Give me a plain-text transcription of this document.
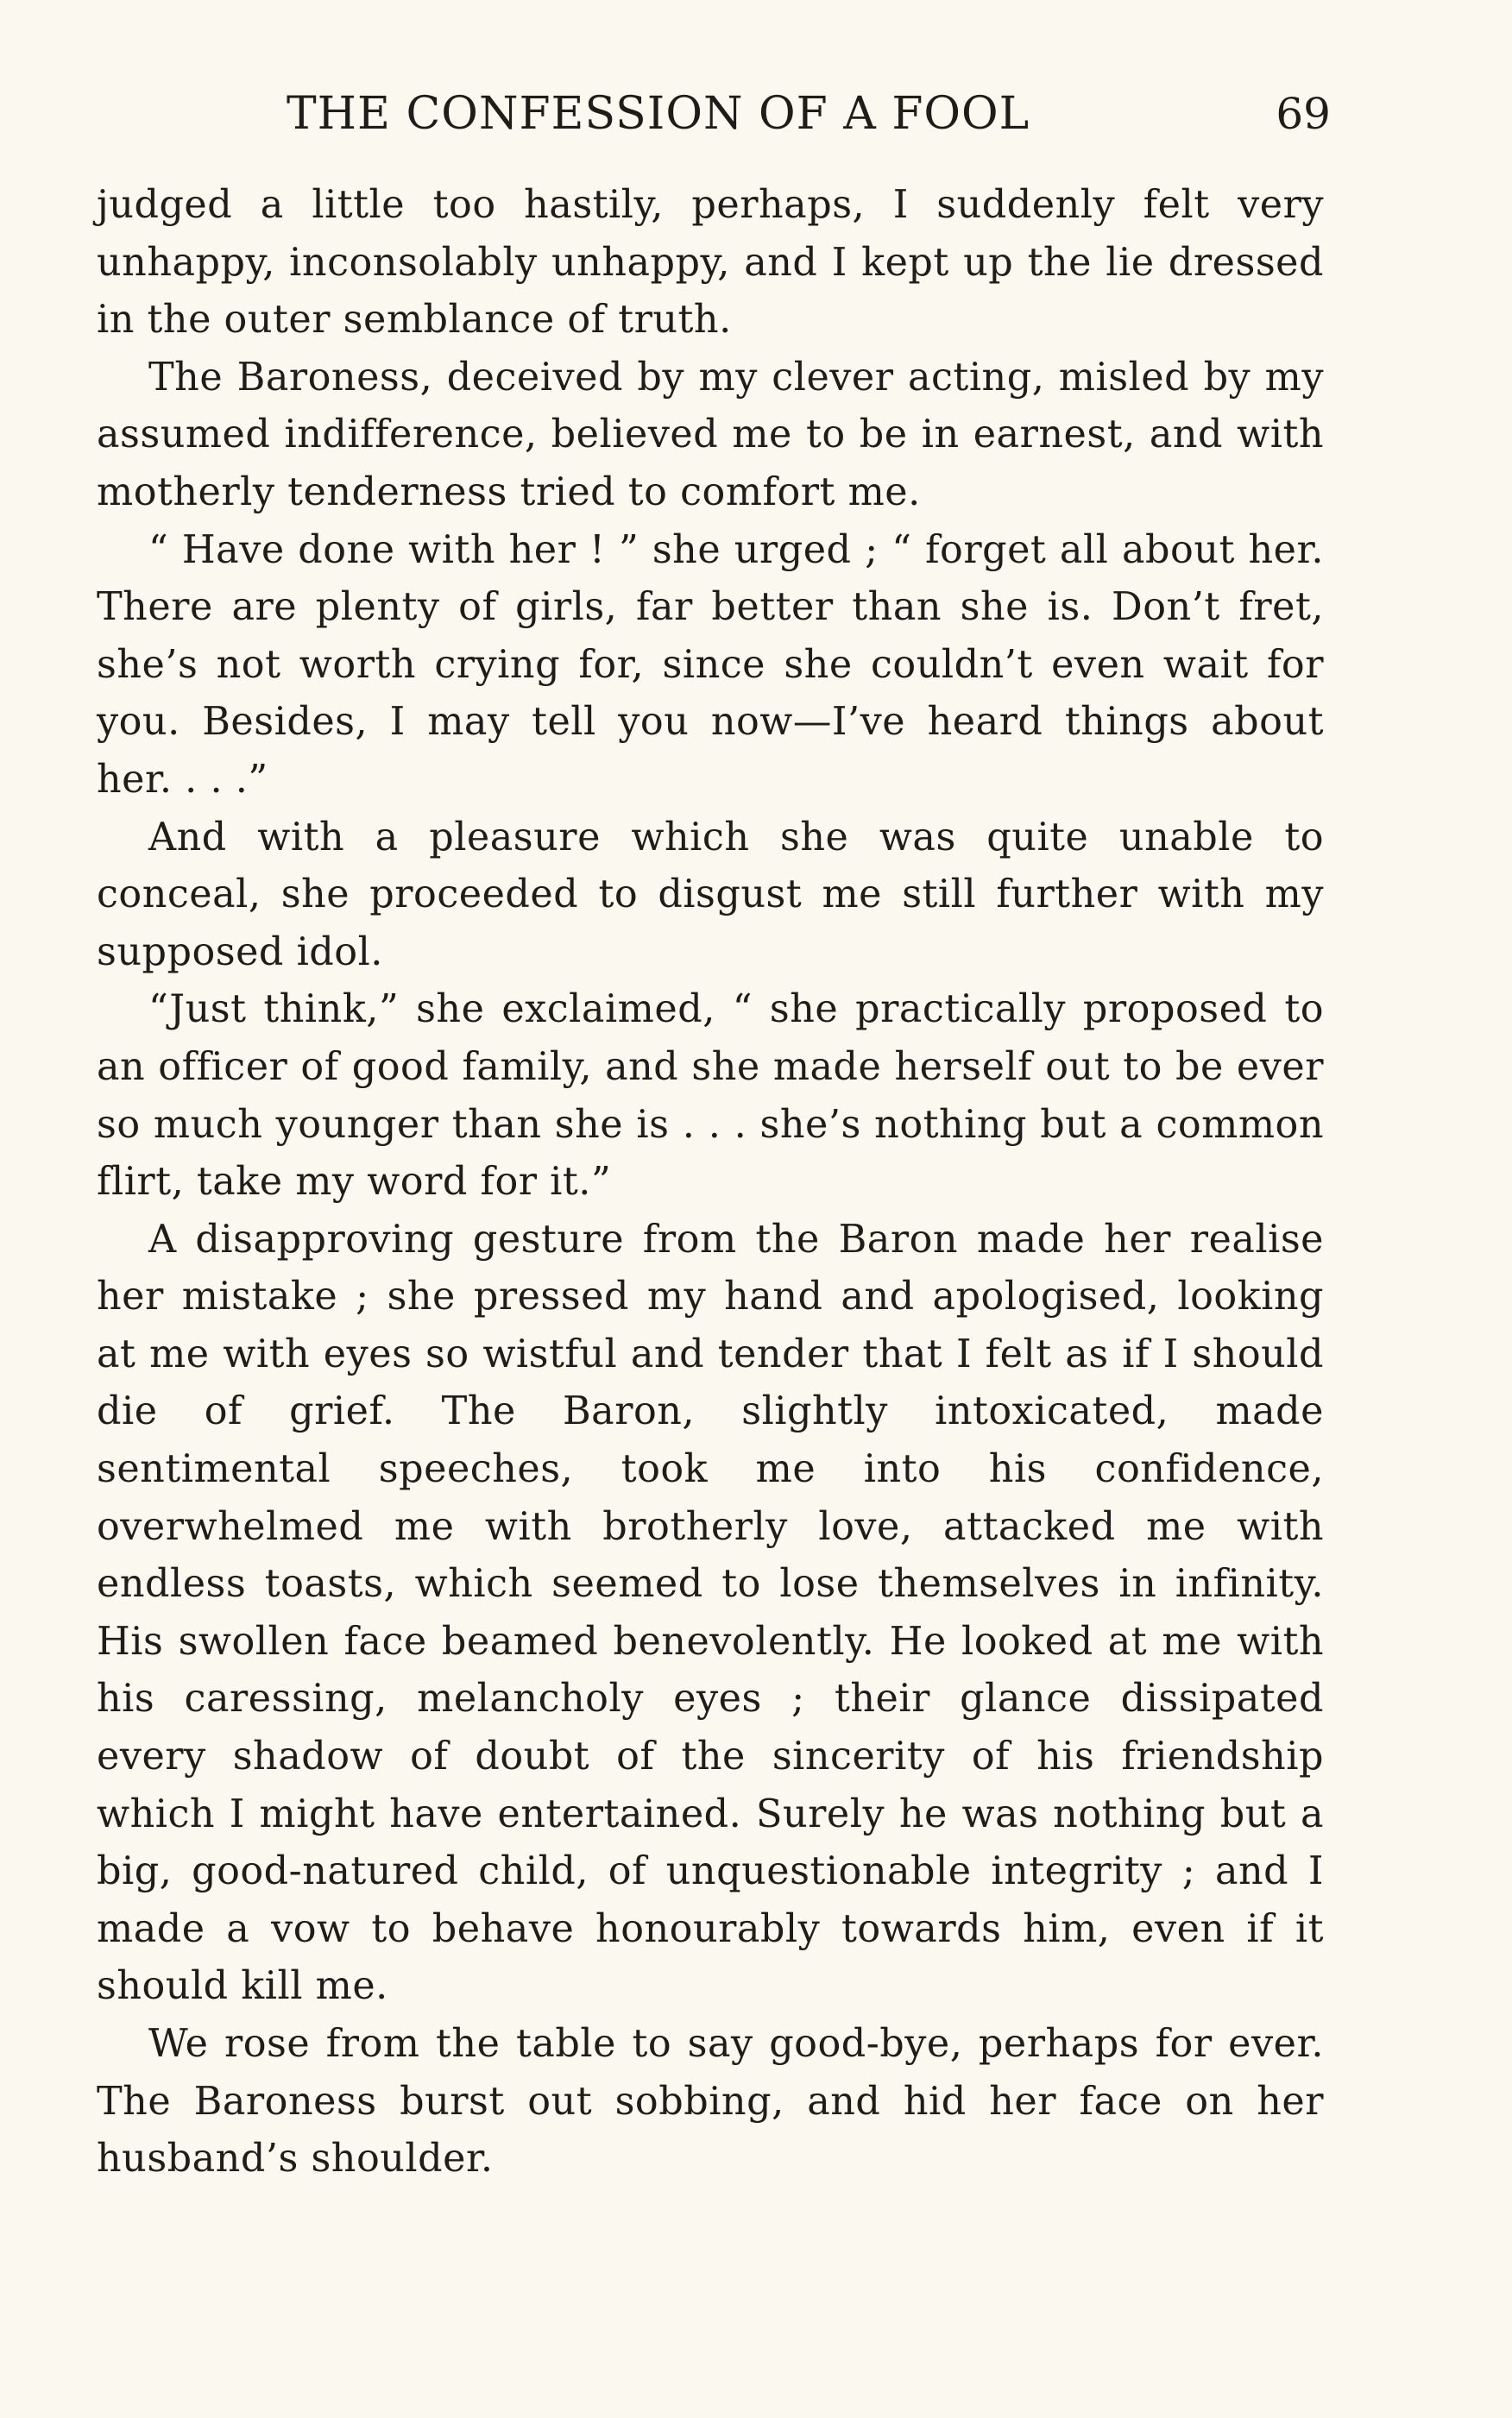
THE CONFESSION OF A FOOL	69

judged a little too hastily, perhaps, I suddenly felt very unhappy, inconsolably unhappy, and I kept up the lie dressed in the outer semblance of truth.

The Baroness, deceived by my clever acting, misled by my assumed indifference, believed me to be in earnest, and with motherly tenderness tried to comfort me.

“ Have done with her ! ” she urged ; “ forget all about her. There are plenty of girls, far better than she is. Don’t fret, she’s not worth crying for, since she couldn’t even wait for you. Besides, I may tell you now—I’ve heard things about her. . . .”

And with a pleasure which she was quite unable to conceal, she proceeded to disgust me still further with my supposed idol.

“Just think,” she exclaimed, “ she practically proposed to an officer of good family, and she made herself out to be ever so much younger than she is . . . she’s nothing but a common flirt, take my word for it.”

A disapproving gesture from the Baron made her realise her mistake ; she pressed my hand and apologised, looking at me with eyes so wistful and tender that I felt as if I should die of grief. The Baron, slightly intoxicated, made sentimental speeches, took me into his confidence, overwhelmed me with brotherly love, attacked me with endless toasts, which seemed to lose themselves in infinity. His swollen face beamed benevolently. He looked at me with his caressing, melancholy eyes ; their glance dissipated every shadow of doubt of the sincerity of his friendship which I might have entertained. Surely he was nothing but a big, good-natured child, of unquestionable integrity ; and I made a vow to behave honourably towards him, even if it should kill me.

We rose from the table to say good-bye, perhaps for ever. The Baroness burst out sobbing, and hid her face on her husband’s shoulder.
